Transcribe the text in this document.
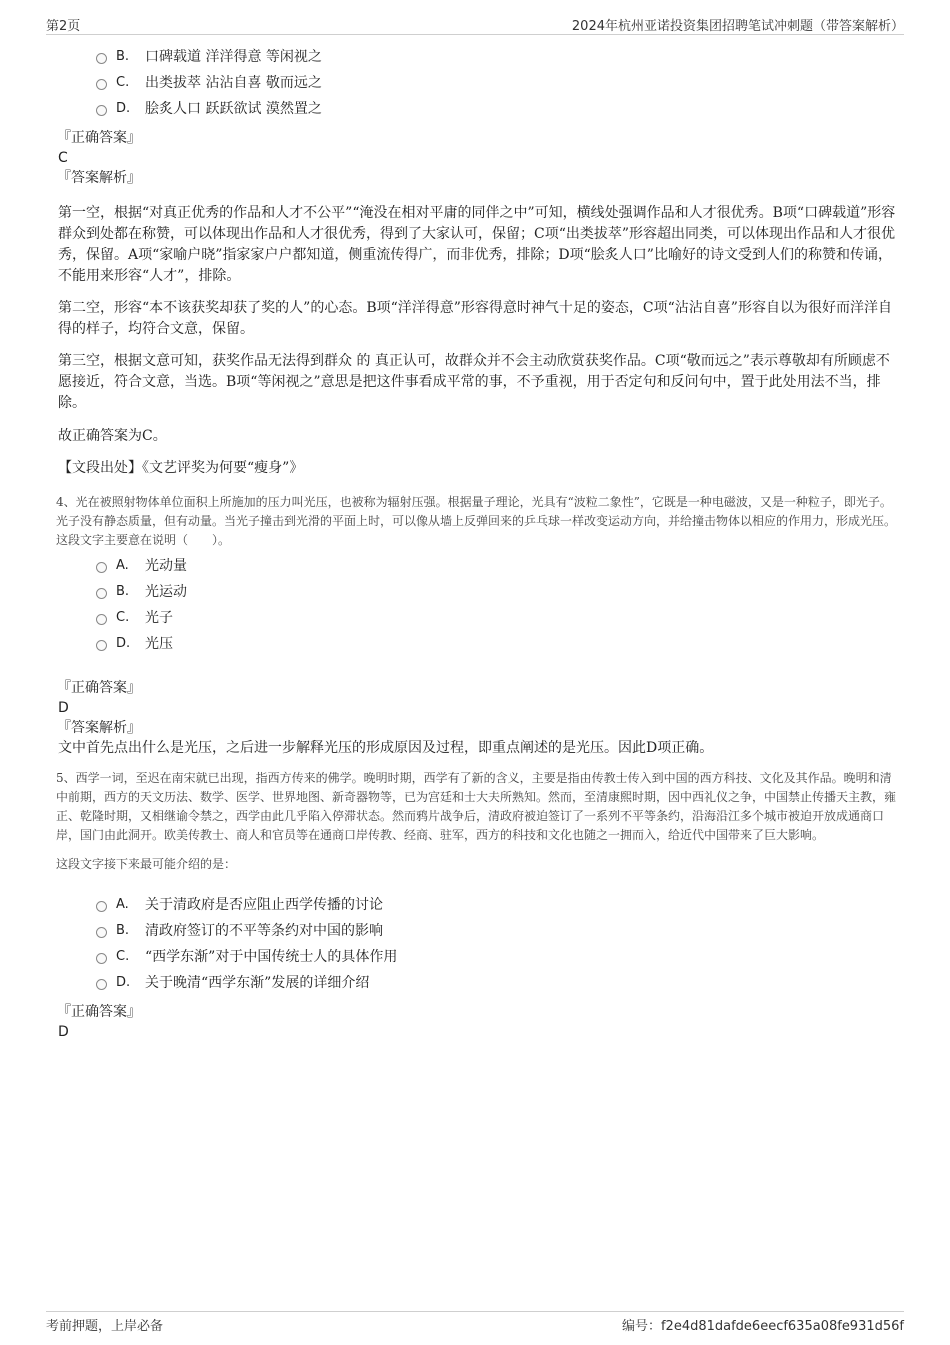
第2页	2024年杭州亚诺投资集团招聘笔试冲刺题（带答案解析）
B. 口碑载道 洋洋得意 等闲视之
C. 出类拔萃 沾沾自喜 敬而远之
D. 脍炙人口 跃跃欲试 漠然置之
『正确答案』
C
『答案解析』

第一空，根据“对真正优秀的作品和人才不公平”“淹没在相对平庸的同伴之中”可知，横线处强调作品和人才很优秀。B项“口碑载道”形容群众到处都在称赞，可以体现出作品和人才很优秀，得到了大家认可，保留；C项“出类拔萃”形容超出同类，可以体现出作品和人才很优秀，保留。A项“家喻户晓”指家家户户都知道，侧重流传得广，而非优秀，排除；D项“脍炙人口”比喻好的诗文受到人们的称赞和传诵，不能用来形容“人才”，排除。

第二空，形容“本不该获奖却获了奖的人”的心态。B项“洋洋得意”形容得意时神气十足的姿态，C项“沾沾自喜”形容自以为很好而洋洋自得的样子，均符合文意，保留。

第三空，根据文意可知，获奖作品无法得到群众 的 真正认可，故群众并不会主动欣赏获奖作品。C项“敬而远之”表示尊敬却有所顾虑不愿接近，符合文意，当选。B项“等闲视之”意思是把这件事看成平常的事，不予重视，用于否定句和反问句中，置于此处用法不当，排除。

故正确答案为C。

【文段出处】《文艺评奖为何要“瘦身”》

4、光在被照射物体单位面积上所施加的压力叫光压，也被称为辐射压强。根据量子理论，光具有“波粒二象性”，它既是一种电磁波，又是一种粒子，即光子。光子没有静态质量，但有动量。当光子撞击到光滑的平面上时，可以像从墙上反弹回来的乒乓球一样改变运动方向，并给撞击物体以相应的作用力，形成光压。

这段文字主要意在说明（　　）。

A. 光动量
B. 光运动
C. 光子
D. 光压
『正确答案』
D
『答案解析』

文中首先点出什么是光压，之后进一步解释光压的形成原因及过程，即重点阐述的是光压。因此D项正确。

5、西学一词，至迟在南宋就已出现，指西方传来的佛学。晚明时期，西学有了新的含义，主要是指由传教士传入到中国的西方科技、文化及其作品。晚明和清中前期，西方的天文历法、数学、医学、世界地图、新奇器物等，已为宫廷和士大夫所熟知。然而，至清康熙时期，因中西礼仪之争，中国禁止传播天主教，雍正、乾隆时期，又相继谕令禁之，西学由此几乎陷入停滞状态。然而鸦片战争后，清政府被迫签订了一系列不平等条约，沿海沿江多个城市被迫开放成通商口岸，国门由此洞开。欧美传教士、商人和官员等在通商口岸传教、经商、驻军，西方的科技和文化也随之一拥而入，给近代中国带来了巨大影响。

这段文字接下来最可能介绍的是：

A. 关于清政府是否应阻止西学传播的讨论
B. 清政府签订的不平等条约对中国的影响
C. “西学东渐”对于中国传统士人的具体作用
D. 关于晚清“西学东渐”发展的详细介绍
『正确答案』
D
考前押题，上岸必备	编号：f2e4d81dafde6eecf635a08fe931d56f
